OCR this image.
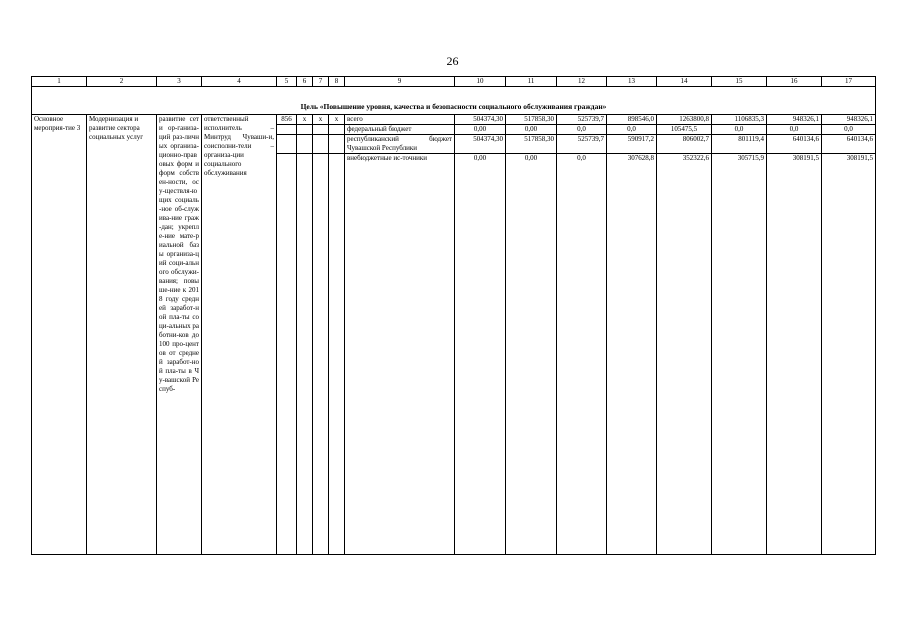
26
1	2	3	4	5	6	7	8	9	10	11	12	13	14	15	16	17
Цель «Повышение уровня, качества и безопасности социального обслуживания граждан»																
Основное мероприя-тие 3	Модернизация и развитие сектора социальных услуг	развитие сети ор-ганиза-ций раз-личных организа-ционно-правовых форм и форм собствен-ности, осу-ществля-ющих социаль-ное об-служива-ние граж-дан; укрепле-ние мате-риальной базы организа-ций соци-ального обслужи-вания; повыше-ние к 2018 году средней заработ-ной пла-ты соци-альных работни-ков до 100 про-центов от средней заработ-ной пла-ты в Чу-вашской Респуб-	ответственный исполнитель – Минтруд Чуваши-и, соисполни-тели – организа-ции социального обслуживания	856	x	x	x	всего	504374,30	517858,30	525739,7	898546,0	1263800,8	1106835,3	948326,1	948326,1
								федеральный бюджет	0,00	0,00	0,0	0,0	105475,5	0,0	0,0	0,0
								республиканский бюджет Чувашской Республики	504374,30	517858,30	525739,7	590917,2	806002,7	801119,4	640134,6	640134,6
								внебюджетные ис-точники	0,00	0,00	0,0	307628,8	352322,6	305715,9	308191,5	308191,5
